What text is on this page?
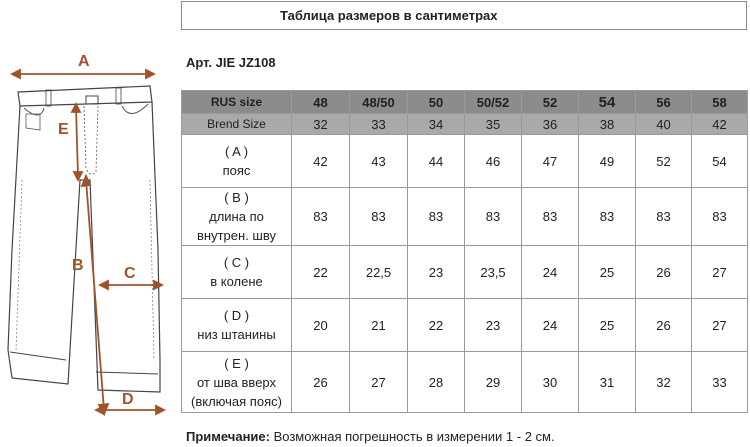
Таблица размеров в сантиметрах
Арт. JIE JZ108
A
E
B	C
D
RUS size	48	48/50	50	50/52	52	54	56	58
Brend Size	32	33	34	35	36	38	40	42

( A )
пояс	42	43	44	46	47	49	52	54

( B )
длина по
внутрен. шву	83	83	83	83	83	83	83	83

( C )
в колене	22	22,5	23	23,5	24	25	26	27

( D )
низ штанины	20	21	22	23	24	25	26	27

( E )
от шва вверх
(включая пояс)	26	27	28	29	30	31	32	33
Примечание: Возможная погрешность в измерении 1 - 2 см.
